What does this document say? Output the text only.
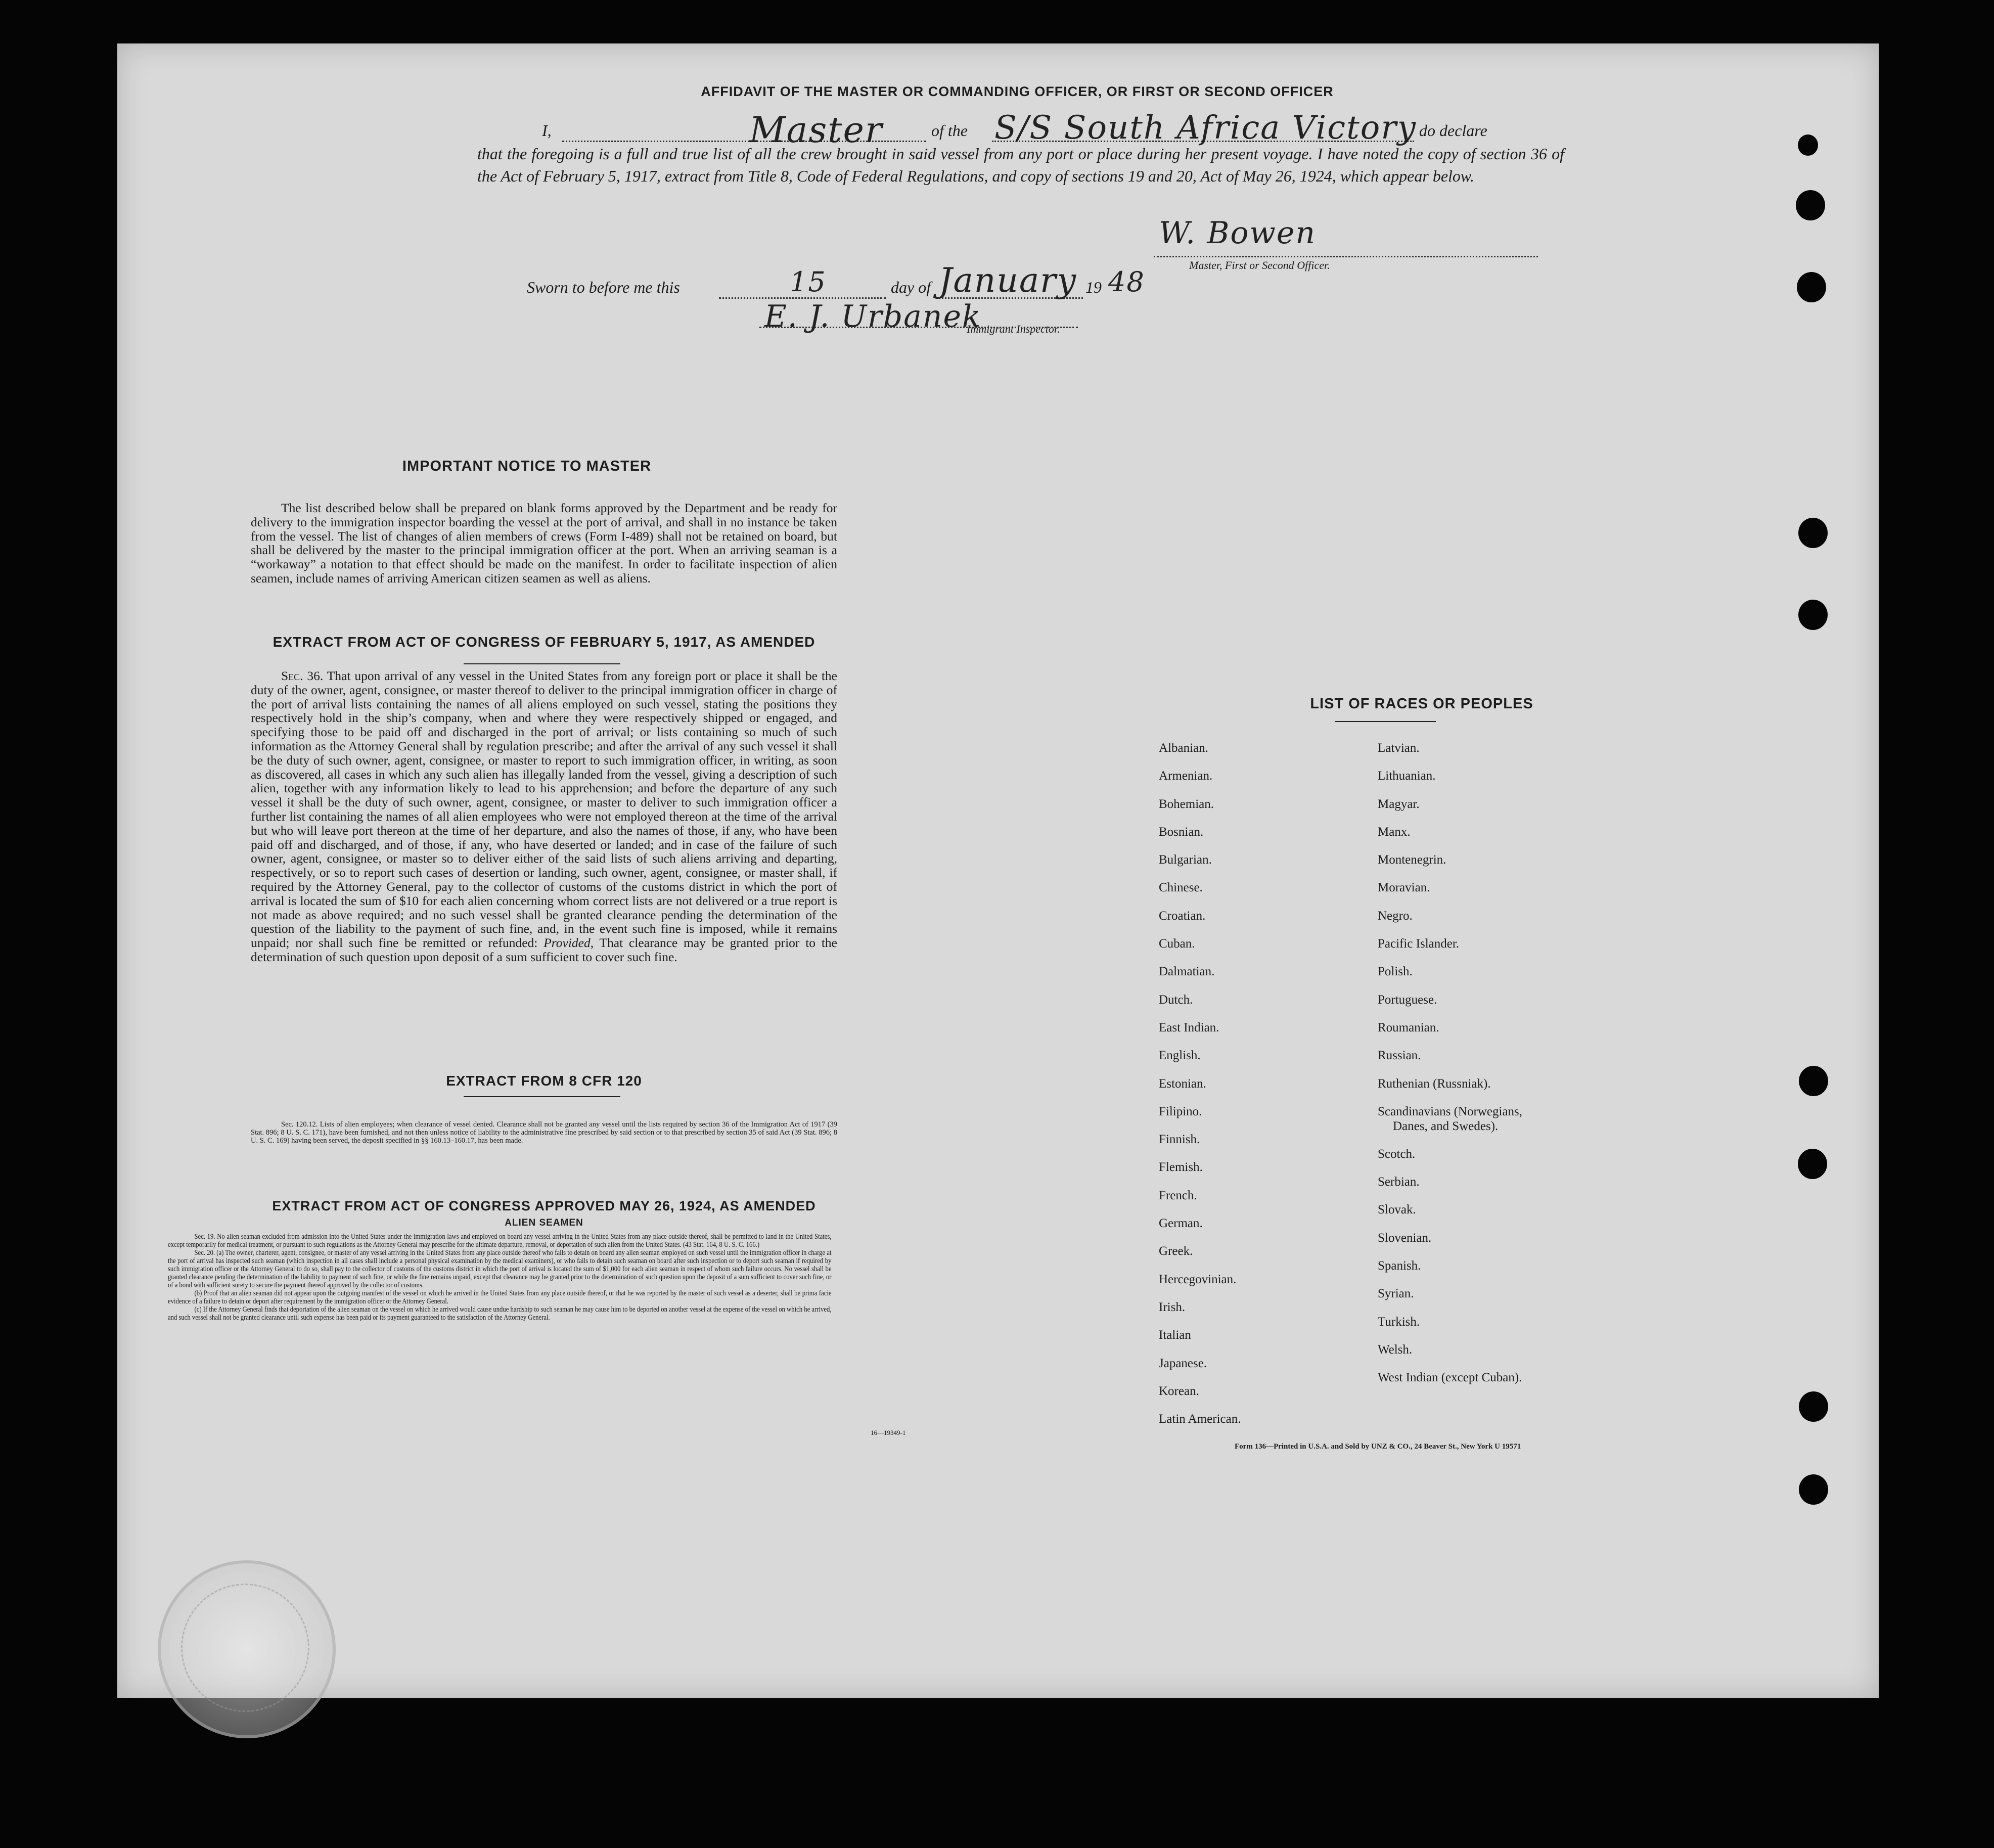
AFFIDAVIT OF THE MASTER OR COMMANDING OFFICER, OR FIRST OR SECOND OFFICER
I,	Master	of the S/S South Africa Victory do declare
that the foregoing is a full and true list of all the crew brought in said vessel from any port or place during her present voyage. I have noted the copy of section 36 of the Act of February 5, 1917, extract from Title 8, Code of Federal Regulations, and copy of sections 19 and 20, Act of May 26, 1924, which appear below.
W. Bowen
Master, First or Second Officer.
Sworn to before me this	15	day of January 19 48
E. J. Urbanek
Immigrant Inspector.
IMPORTANT NOTICE TO MASTER

The list described below shall be prepared on blank forms approved by the Department and be ready for delivery to the immigration inspector boarding the vessel at the port of arrival, and shall in no instance be taken from the vessel. The list of changes of alien members of crews (Form I-489) shall not be retained on board, but shall be delivered by the master to the principal immigration officer at the port. When an arriving seaman is a “workaway” a notation to that effect should be made on the manifest. In order to facilitate inspection of alien seamen, include names of arriving American citizen seamen as well as aliens.

EXTRACT FROM ACT OF CONGRESS OF FEBRUARY 5, 1917, AS AMENDED

Sec. 36. That upon arrival of any vessel in the United States from any foreign port or place it shall be the duty of the owner, agent, consignee, or master thereof to deliver to the principal immigration officer in charge of the port of arrival lists containing the names of all aliens employed on such vessel, stating the positions they respectively hold in the ship’s company, when and where they were respectively shipped or engaged, and specifying those to be paid off and discharged in the port of arrival; or lists containing so much of such information as the Attorney General shall by regulation prescribe; and after the arrival of any such vessel it shall be the duty of such owner, agent, consignee, or master to report to such immigration officer, in writing, as soon as discovered, all cases in which any such alien has illegally landed from the vessel, giving a description of such alien, together with any information likely to lead to his apprehension; and before the departure of any such vessel it shall be the duty of such owner, agent, consignee, or master to deliver to such immigration officer a further list containing the names of all alien employees who were not employed thereon at the time of the arrival but who will leave port thereon at the time of her departure, and also the names of those, if any, who have been paid off and discharged, and of those, if any, who have deserted or landed; and in case of the failure of such owner, agent, consignee, or master so to deliver either of the said lists of such aliens arriving and departing, respectively, or so to report such cases of desertion or landing, such owner, agent, consignee, or master shall, if required by the Attorney General, pay to the collector of customs of the customs district in which the port of arrival is located the sum of $10 for each alien concerning whom correct lists are not delivered or a true report is not made as above required; and no such vessel shall be granted clearance pending the determination of the question of the liability to the payment of such fine, and, in the event such fine is imposed, while it remains unpaid; nor shall such fine be remitted or refunded: Provided, That clearance may be granted prior to the determination of such question upon deposit of a sum sufficient to cover such fine.

EXTRACT FROM 8 CFR 120

Sec. 120.12. Lists of alien employees; when clearance of vessel denied. Clearance shall not be granted any vessel until the lists required by section 36 of the Immigration Act of 1917 (39 Stat. 896; 8 U. S. C. 171), have been furnished, and not then unless notice of liability to the administrative fine prescribed by said section or to that prescribed by section 35 of said Act (39 Stat. 896; 8 U. S. C. 169) having been served, the deposit specified in §§ 160.13–160.17, has been made.

EXTRACT FROM ACT OF CONGRESS APPROVED MAY 26, 1924, AS AMENDED
ALIEN SEAMEN

Sec. 19. No alien seaman excluded from admission into the United States under the immigration laws and employed on board any vessel arriving in the United States from any place outside thereof, shall be permitted to land in the United States, except temporarily for medical treatment, or pursuant to such regulations as the Attorney General may prescribe for the ultimate departure, removal, or deportation of such alien from the United States. (43 Stat. 164, 8 U. S. C. 166.)

Sec. 20. (a) The owner, charterer, agent, consignee, or master of any vessel arriving in the United States from any place outside thereof who fails to detain on board any alien seaman employed on such vessel until the immigration officer in charge at the port of arrival has inspected such seaman (which inspection in all cases shall include a personal physical examination by the medical examiners), or who fails to detain such seaman on board after such inspection or to deport such seaman if required by such immigration officer or the Attorney General to do so, shall pay to the collector of customs of the customs district in which the port of arrival is located the sum of $1,000 for each alien seaman in respect of whom such failure occurs. No vessel shall be granted clearance pending the determination of the liability to payment of such fine, or while the fine remains unpaid, except that clearance may be granted prior to the determination of such question upon the deposit of a sum sufficient to cover such fine, or of a bond with sufficient surety to secure the payment thereof approved by the collector of customs.

(b) Proof that an alien seaman did not appear upon the outgoing manifest of the vessel on which he arrived in the United States from any place outside thereof, or that he was reported by the master of such vessel as a deserter, shall be prima facie evidence of a failure to detain or deport after requirement by the immigration officer or the Attorney General.

(c) If the Attorney General finds that deportation of the alien seaman on the vessel on which he arrived would cause undue hardship to such seaman he may cause him to be deported on another vessel at the expense of the vessel on which he arrived, and such vessel shall not be granted clearance until such expense has been paid or its payment guaranteed to the satisfaction of the Attorney General.

16—19349-1
LIST OF RACES OR PEOPLES
Albanian.
Armenian.
Bohemian.
Bosnian.
Bulgarian.
Chinese.
Croatian.
Cuban.
Dalmatian.
Dutch.
East Indian.
English.
Estonian.
Filipino.
Finnish.
Flemish.
French.
German.
Greek.
Hercegovinian.
Irish.
Italian
Japanese.
Korean.
Latin American.
Latvian.
Lithuanian.
Magyar.
Manx.
Montenegrin.
Moravian.
Negro.
Pacific Islander.
Polish.
Portuguese.
Roumanian.
Russian.
Ruthenian (Russniak).
Scandinavians (Norwegians,
Danes, and Swedes).
Scotch.
Serbian.
Slovak.
Slovenian.
Spanish.
Syrian.
Turkish.
Welsh.
West Indian (except Cuban).
Form 136—Printed in U.S.A. and Sold by UNZ & CO., 24 Beaver St., New York U 19571
